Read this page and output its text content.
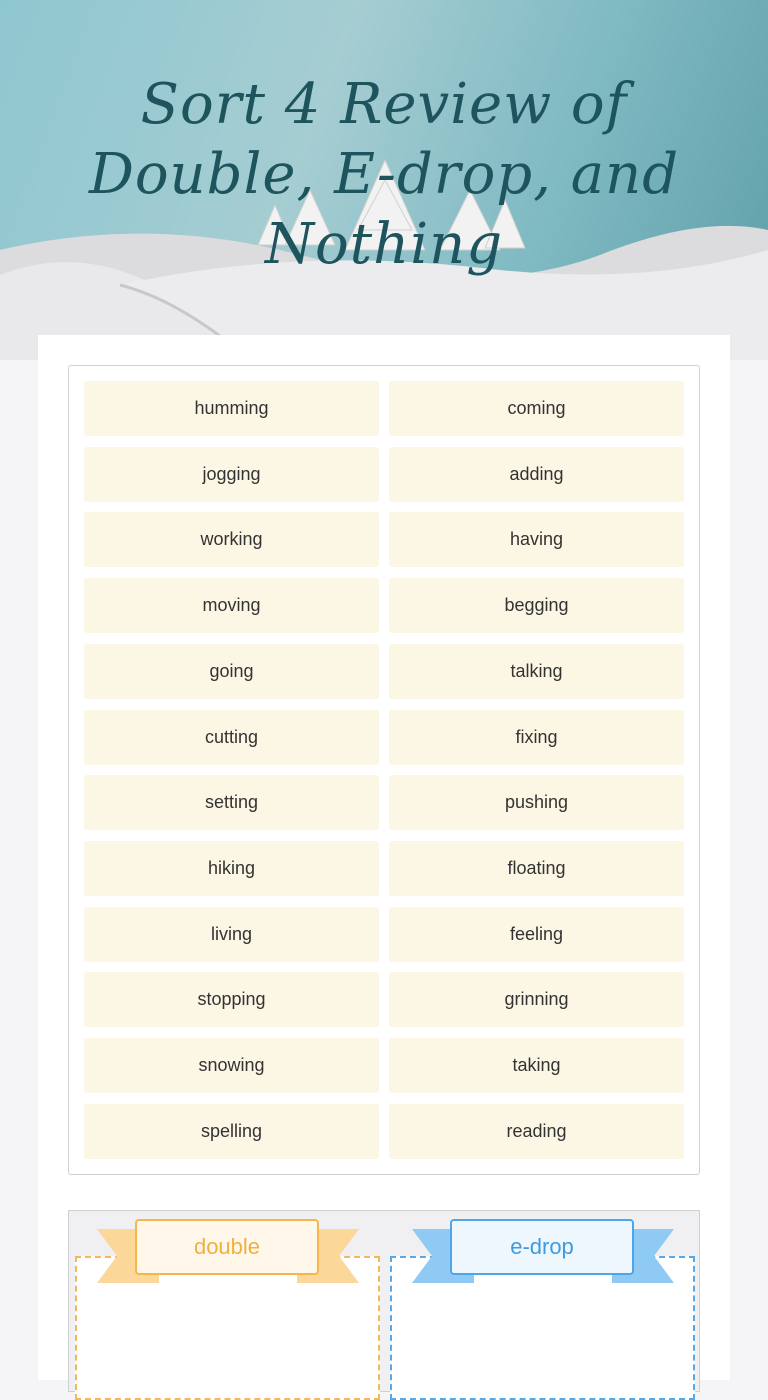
Sort 4 Review of Double, E-drop, and Nothing
humming	coming
jogging	adding
working	having
moving	begging
going	talking
cutting	fixing
setting	pushing
hiking	floating
living	feeling
stopping	grinning
snowing	taking
spelling	reading
double	e-drop
